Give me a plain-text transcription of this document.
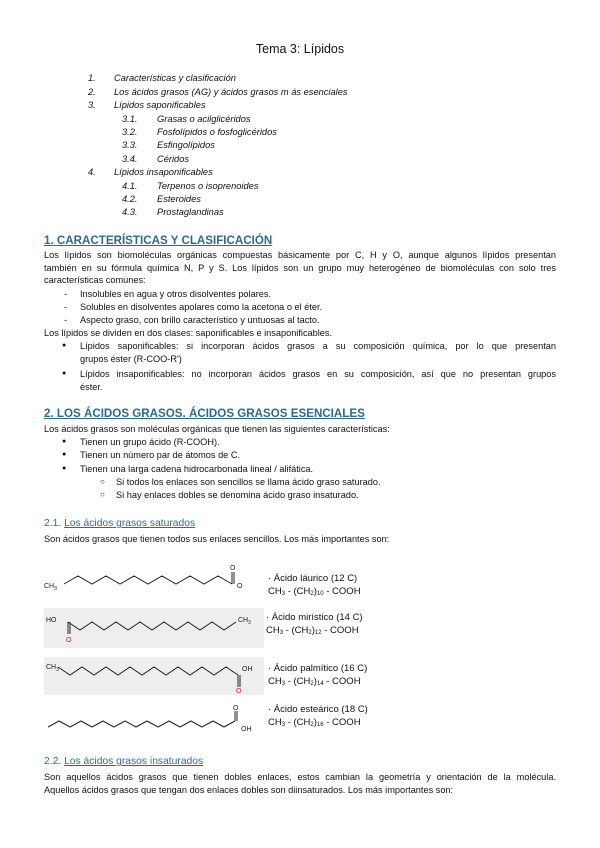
Tema 3: Lípidos
1. Características y clasificación
2. Los ácidos grasos (AG) y ácidos grasos m ás esenciales
3. Lípidos saponificables
3.1. Grasas o acilglicéridos
3.2. Fosfolípidos o fosfoglicéridos
3.3. Esfingolípidos
3.4. Céridos
4. Lípidos insaponificables
4.1. Terpenos o isoprenoides
4.2. Esteroides
4.3. Prostaglandinas
1. CARACTERÍSTICAS Y CLASIFICACIÓN
Los lípidos son biomoléculas orgánicas compuestas básicamente por C, H y O, aunque algunos lípidos presentan
también en su fórmula química N, P y S. Los lípidos son un grupo muy heterogéneo de biomoléculas con solo tres
características comunes:
- Insolubles en agua y otros disolventes polares.
- Solubles en disolventes apolares como la acetona o el éter.
- Aspecto graso, con brillo característico y untuosas al tacto.
Los lípidos se dividen en dos clases: saponificables e insaponificables.
● Lípidos saponificables: si incorporan ácidos grasos a su composición química, por lo que presentan
grupos éster (R-COO-R')
● Lípidos insaponificables: no incorporan ácidos grasos en su composición, así que no presentan grupos
éster.
2. LOS ÁCIDOS GRASOS. ÁCIDOS GRASOS ESENCIALES
Los ácidos grasos son moléculas orgánicas que tienen las siguientes características:
● Tienen un grupo ácido (R-COOH).
● Tienen un número par de átomos de C.
● Tienen una larga cadena hidrocarbonada lineal / alifática.
○ Si todos los enlaces son sencillos se llama ácido graso saturado.
○ Si hay enlaces dobles se denomina ácido graso insaturado.
2.1. Los ácidos grasos saturados
Son ácidos grasos que tienen todos sus enlaces sencillos. Los más importantes son:
O
O
$CH_3$
· Ácido láurico (12 C)
$CH_3 - (CH_2)_{10}$ - COOH
HO
O
$CH_3$ · Ácido mirístico (14 C)
$CH_3 - (CH_2)_{12}$ - COOH
$CH_3$	OH
O
· Ácido palmítico (16 C)
$CH_3 - (CH_2)_{14}$ - COOH
O
OH
· Ácido esteárico (18 C)
$CH_3 - (CH_2)_{16}$ - COOH
2.2. Los ácidos grasos insaturados
Son aquellos ácidos grasos que tienen dobles enlaces, estos cambian la geometría y orientación de la molécula.
Aquellos ácidos grasos que tengan dos enlaces dobles son diinsaturados. Los más importantes son:
